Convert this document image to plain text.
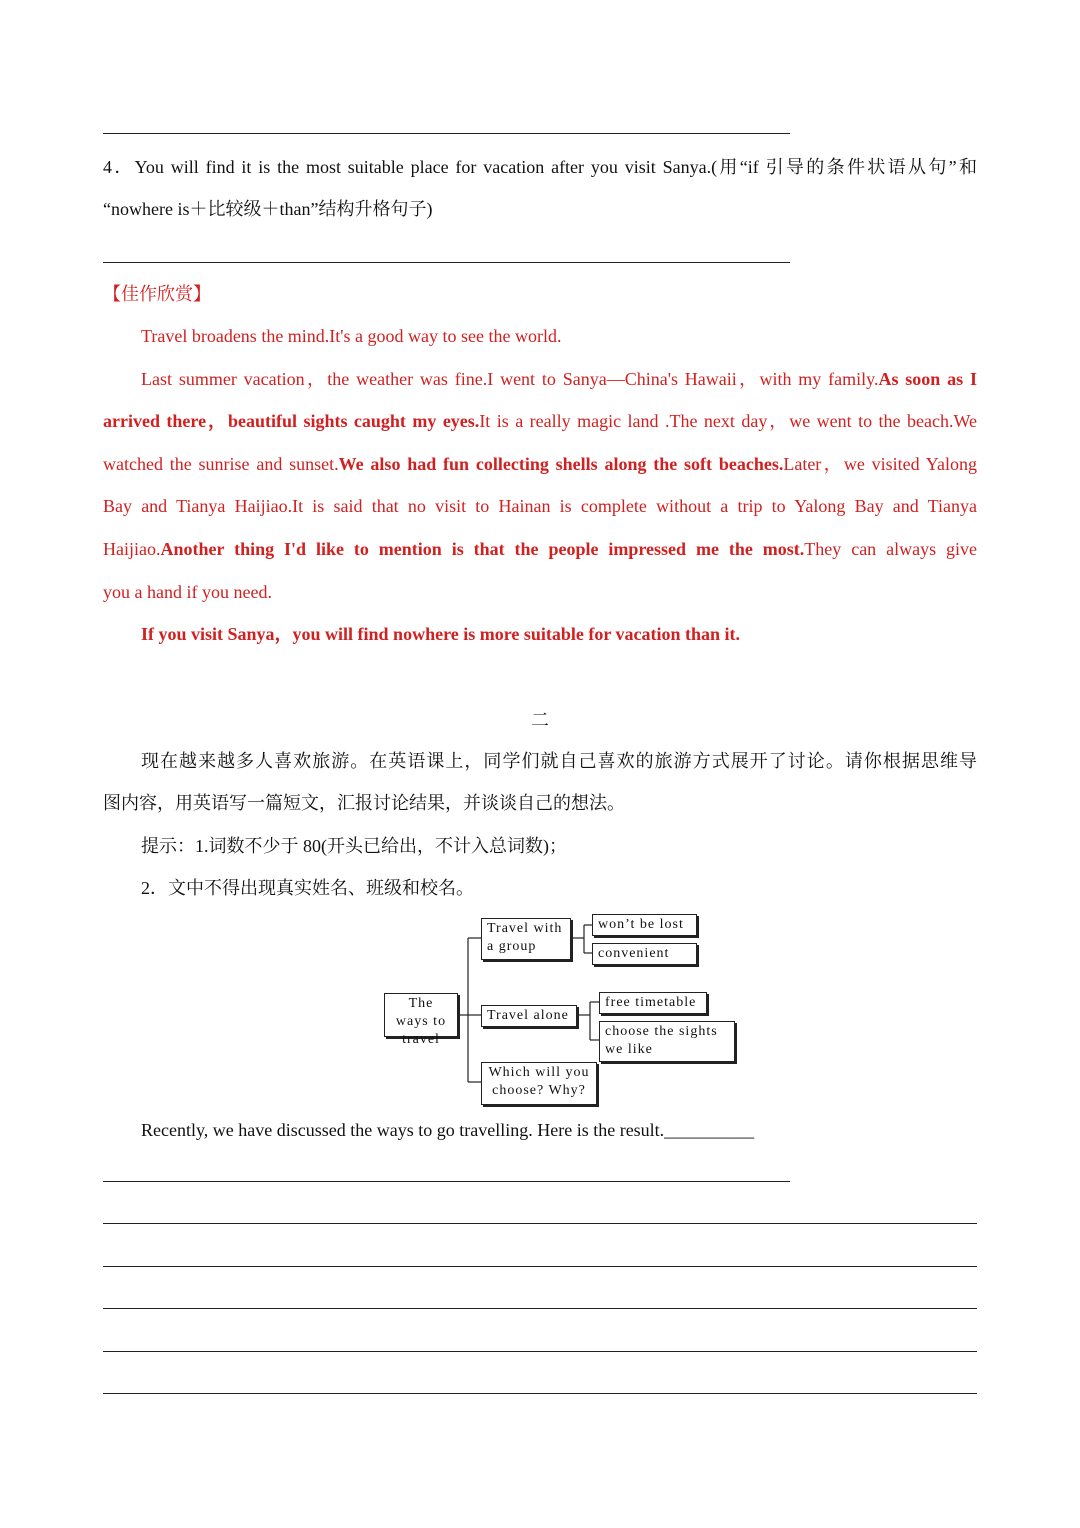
4．You will find it is the most suitable place for vacation after you visit Sanya.(用“if 引导的条件状语从句”和
“nowhere is＋比较级＋than”结构升格句子)
【佳作欣赏】
Travel broadens the mind.It's a good way to see the world.
Last summer vacation，the weather was fine.I went to Sanya—China's Hawaii，with my family.As soon as I
arrived there，beautiful sights caught my eyes.It is a really magic land .The next day，we went to the beach.We
watched the sunrise and sunset.We also had fun collecting shells along the soft beaches.Later，we visited Yalong
Bay and Tianya Haijiao.It is said that no visit to Hainan is complete without a trip to Yalong Bay and Tianya
Haijiao.Another thing I'd like to mention is that the people impressed me the most.They can always give
you a hand if you need.
If you visit Sanya，you will find nowhere is more suitable for vacation than it.
二
现在越来越多人喜欢旅游。在英语课上，同学们就自己喜欢的旅游方式展开了讨论。请你根据思维导
图内容，用英语写一篇短文，汇报讨论结果，并谈谈自己的想法。
提示：1.词数不少于 80(开头已给出，不计入总词数)；
2．文中不得出现真实姓名、班级和校名。
The ways to travel
Travel with a group
won’t be lost
convenient
Travel alone
free timetable
choose the sights we like
Which will you choose? Why?
Recently, we have discussed the ways to go travelling. Here is the result.__________
